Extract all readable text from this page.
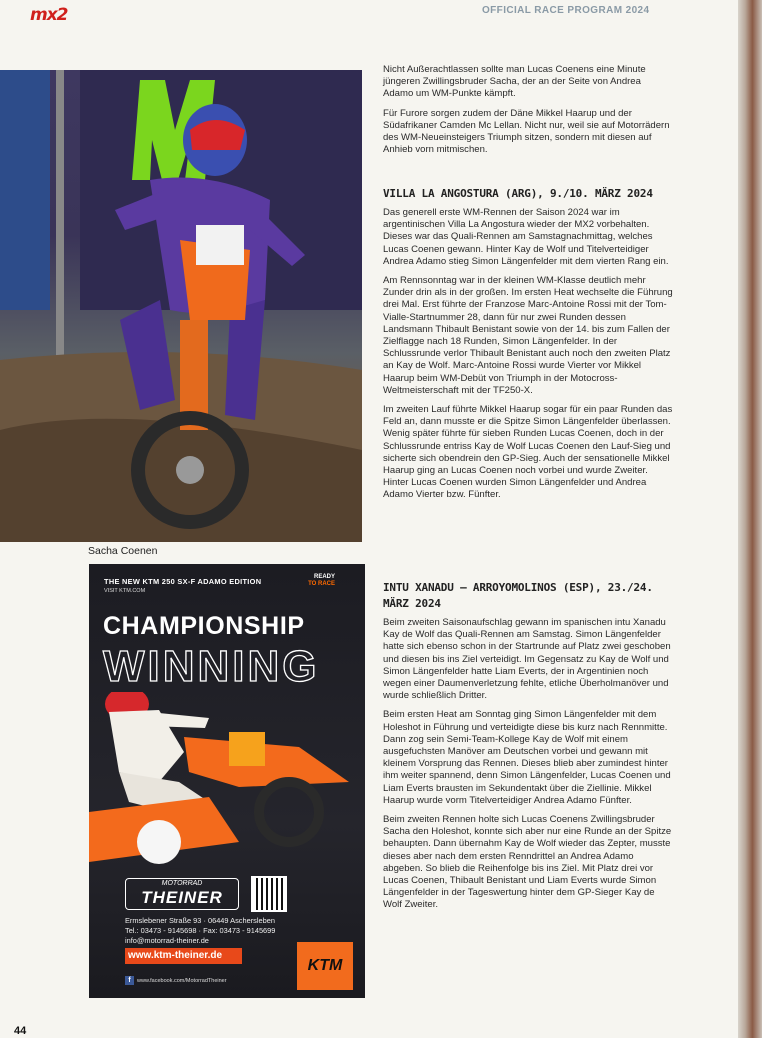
mx2	OFFICIAL RACE PROGRAM 2024
Sacha Coenen
THE NEW KTM 250 SX-F ADAMO EDITION
VISIT KTM.COM
READY
TO RACE
CHAMPIONSHIP
WINNING
MOTORRAD
THEINER
Ermslebener Straße 93 · 06449 Aschersleben
Tel.: 03473 - 9145698 · Fax: 03473 - 9145699
info@motorrad-theiner.de
www.ktm-theiner.de
f www.facebook.com/MotorradTheiner
KTM

Nicht Außerachtlassen sollte man Lucas Coenens eine Minute jüngeren Zwillingsbruder Sacha, der an der Seite von Andrea Adamo um WM-Punkte kämpft.

Für Furore sorgen zudem der Däne Mikkel Haarup und der Südafrikaner Camden Mc Lellan. Nicht nur, weil sie auf Motorrädern des WM-Neueinsteigers Triumph sitzen, sondern mit diesen auf Anhieb vorn mitmischen.

VILLA LA ANGOSTURA (ARG), 9./10. MÄRZ 2024

Das generell erste WM-Rennen der Saison 2024 war im argentinischen Villa La Angostura wieder der MX2 vorbehalten. Dieses war das Quali-Rennen am Samstagnachmittag, welches Lucas Coenen gewann. Hinter Kay de Wolf und Titelverteidiger Andrea Adamo stieg Simon Längenfelder mit dem vierten Rang ein.

Am Rennsonntag war in der kleinen WM-Klasse deutlich mehr Zunder drin als in der großen. Im ersten Heat wechselte die Führung drei Mal. Erst führte der Franzose Marc-Antoine Rossi mit der Tom-Vialle-Startnummer 28, dann für nur zwei Runden dessen Landsmann Thibault Benistant sowie von der 14. bis zum Fallen der Zielflagge nach 18 Runden, Simon Längenfelder. In der Schlussrunde verlor Thibault Benistant auch noch den zweiten Platz an Kay de Wolf. Marc-Antoine Rossi wurde Vierter vor Mikkel Haarup beim WM-Debüt von Triumph in der Motocross-Weltmeisterschaft mit der TF250-X.

Im zweiten Lauf führte Mikkel Haarup sogar für ein paar Runden das Feld an, dann musste er die Spitze Simon Längenfelder überlassen. Wenig später führte für sieben Runden Lucas Coenen, doch in der Schlussrunde entriss Kay de Wolf Lucas Coenen den Lauf-Sieg und sicherte sich obendrein den GP-Sieg. Auch der sensationelle Mikkel Haarup ging an Lucas Coenen noch vorbei und wurde Zweiter. Hinter Lucas Coenen wurden Simon Längenfelder und Andrea Adamo Vierter bzw. Fünfter.

INTU XANADU – ARROYOMOLINOS (ESP), 23./24. MÄRZ 2024

Beim zweiten Saisonaufschlag gewann im spanischen intu Xanadu Kay de Wolf das Quali-Rennen am Samstag. Simon Längenfelder hatte sich ebenso schon in der Startrunde auf Platz zwei geschoben und diesen bis ins Ziel verteidigt. Im Gegensatz zu Kay de Wolf und Simon Längenfelder hatte Liam Everts, der in Argentinien noch wegen einer Daumenverletzung fehlte, etliche Überholmanöver und wurde schließlich Dritter.

Beim ersten Heat am Sonntag ging Simon Längenfelder mit dem Holeshot in Führung und verteidigte diese bis kurz nach Rennmitte. Dann zog sein Semi-Team-Kollege Kay de Wolf mit einem ausgefuchsten Manöver am Deutschen vorbei und gewann mit kleinem Vorsprung das Rennen. Dieses blieb aber zumindest hinter ihm weiter spannend, denn Simon Längenfelder, Lucas Coenen und Liam Everts brausten im Sekundentakt über die Ziellinie. Mikkel Haarup wurde vorm Titelverteidiger Andrea Adamo Fünfter.

Beim zweiten Rennen holte sich Lucas Coenens Zwillingsbruder Sacha den Holeshot, konnte sich aber nur eine Runde an der Spitze behaupten. Dann übernahm Kay de Wolf wieder das Zepter, musste dieses aber nach dem ersten Renndrittel an Andrea Adamo abgeben. So blieb die Reihenfolge bis ins Ziel. Mit Platz drei vor Lucas Coenen, Thibault Benistant und Liam Everts wurde Simon Längenfelder in der Tageswertung hinter dem GP-Sieger Kay de Wolf Zweiter.

44
